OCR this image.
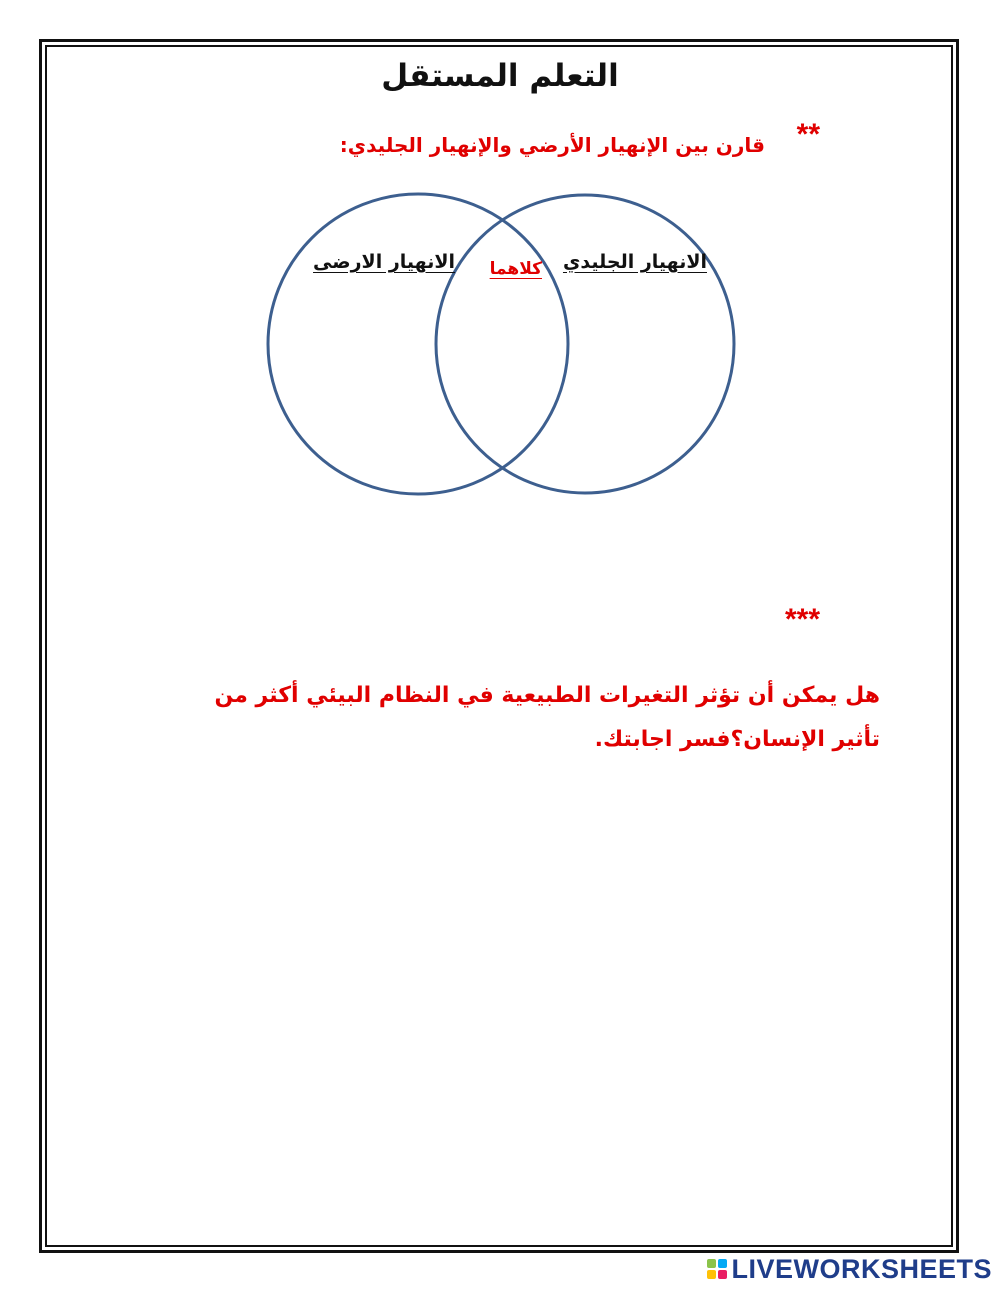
التعلم المستقل
**
قارن بين الإنهيار الأرضي والإنهيار الجليدي:
الانهيار الارضى	الانهيار الجليدي
كلاهما
***
هل يمكن أن تؤثر التغيرات الطبيعية في النظام البيئي أكثر من تأثير الإنسان؟فسر اجابتك.
LIVEWORKSHEETS
